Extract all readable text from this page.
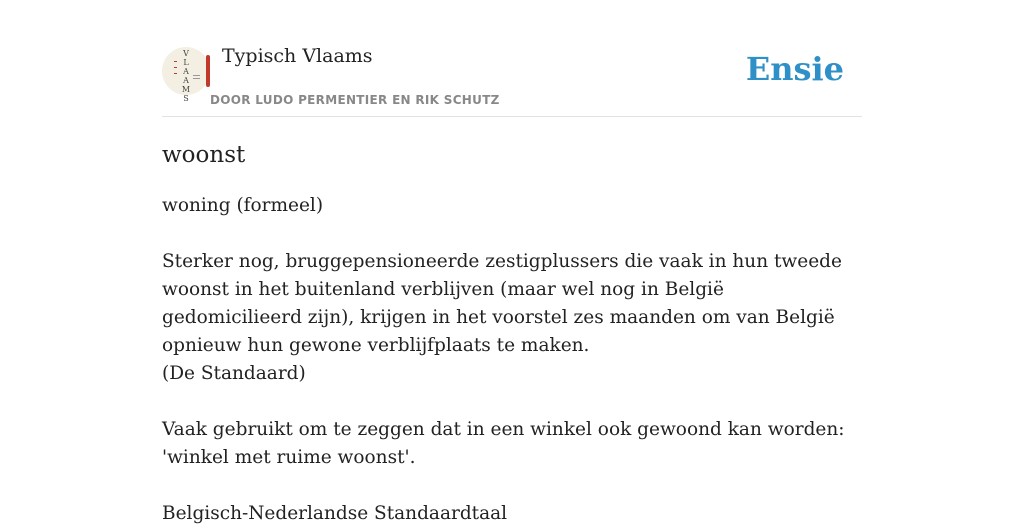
V
L
A
A
M
S
Typisch Vlaams
DOOR LUDO PERMENTIER EN RIK SCHUTZ
Ensie
woonst

woning (formeel)

Sterker nog, bruggepensioneerde zestigplussers die vaak in hun tweede woonst in het buitenland verblijven (maar wel nog in België gedomicilieerd zijn), krijgen in het voorstel zes maanden om van België opnieuw hun gewone verblijfplaats te maken.

(De Standaard)

Vaak gebruikt om te zeggen dat in een winkel ook gewoond kan worden: 'winkel met ruime woonst'.

Belgisch-Nederlandse Standaardtaal
